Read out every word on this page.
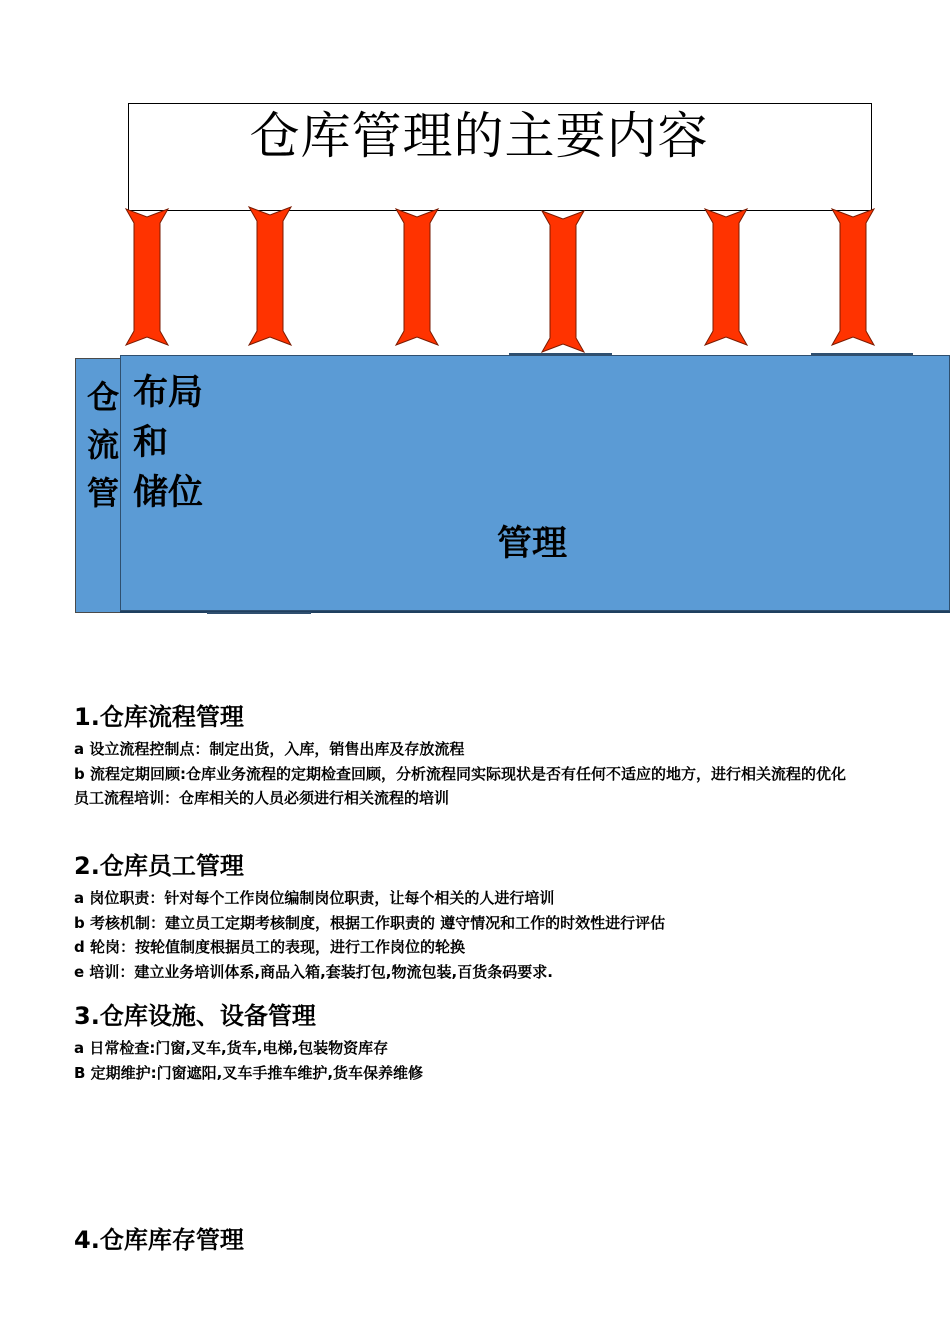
仓库管理的主要内容
仓
流
管
布局
和
储位
管理
1.仓库流程管理
a 设立流程控制点：制定出货，入库，销售出库及存放流程
b 流程定期回顾:仓库业务流程的定期检查回顾，分析流程同实际现状是否有任何不适应的地方，进行相关流程的优化
员工流程培训：仓库相关的人员必须进行相关流程的培训
2.仓库员工管理
a 岗位职责：针对每个工作岗位编制岗位职责，让每个相关的人进行培训
b 考核机制：建立员工定期考核制度，根据工作职责的 遵守情况和工作的时效性进行评估
d 轮岗：按轮值制度根据员工的表现，进行工作岗位的轮换
e 培训：建立业务培训体系,商品入箱,套装打包,物流包装,百货条码要求.
3.仓库设施、设备管理
a 日常检查:门窗,叉车,货车,电梯,包装物资库存
B 定期维护:门窗遮阳,叉车手推车维护,货车保养维修
4.仓库库存管理
